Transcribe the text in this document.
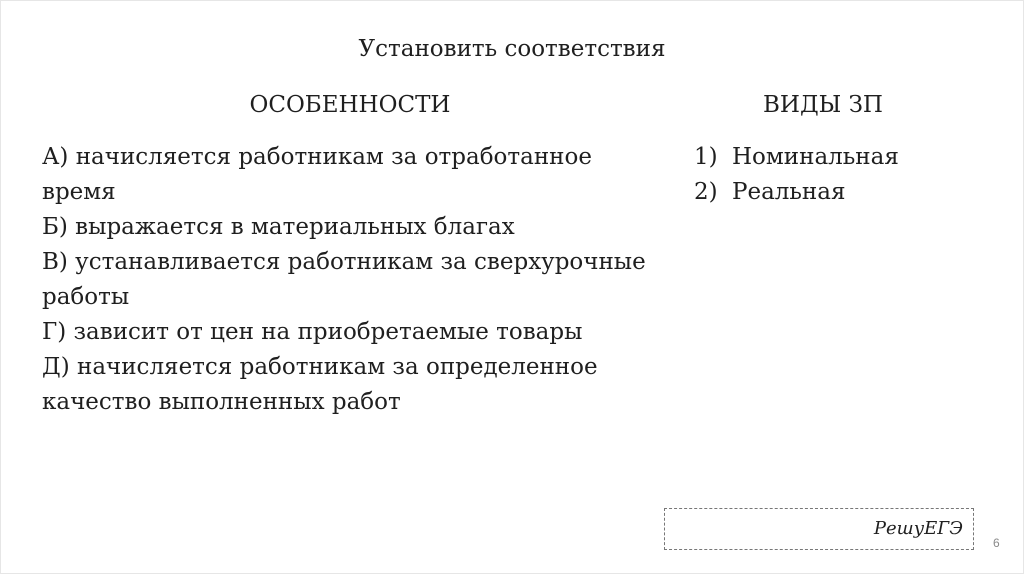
Установить соответствия
ОСОБЕННОСТИ	ВИДЫ ЗП

А) начисляется работникам за отработанное время

Б) выражается в материальных благах

В) устанавливается работникам за сверхурочные работы

Г) зависит от цен на приобретаемые товары

Д) начисляется работникам за определенное качество выполненных работ

1) Номинальная
2) Реальная
РешуЕГЭ
6
